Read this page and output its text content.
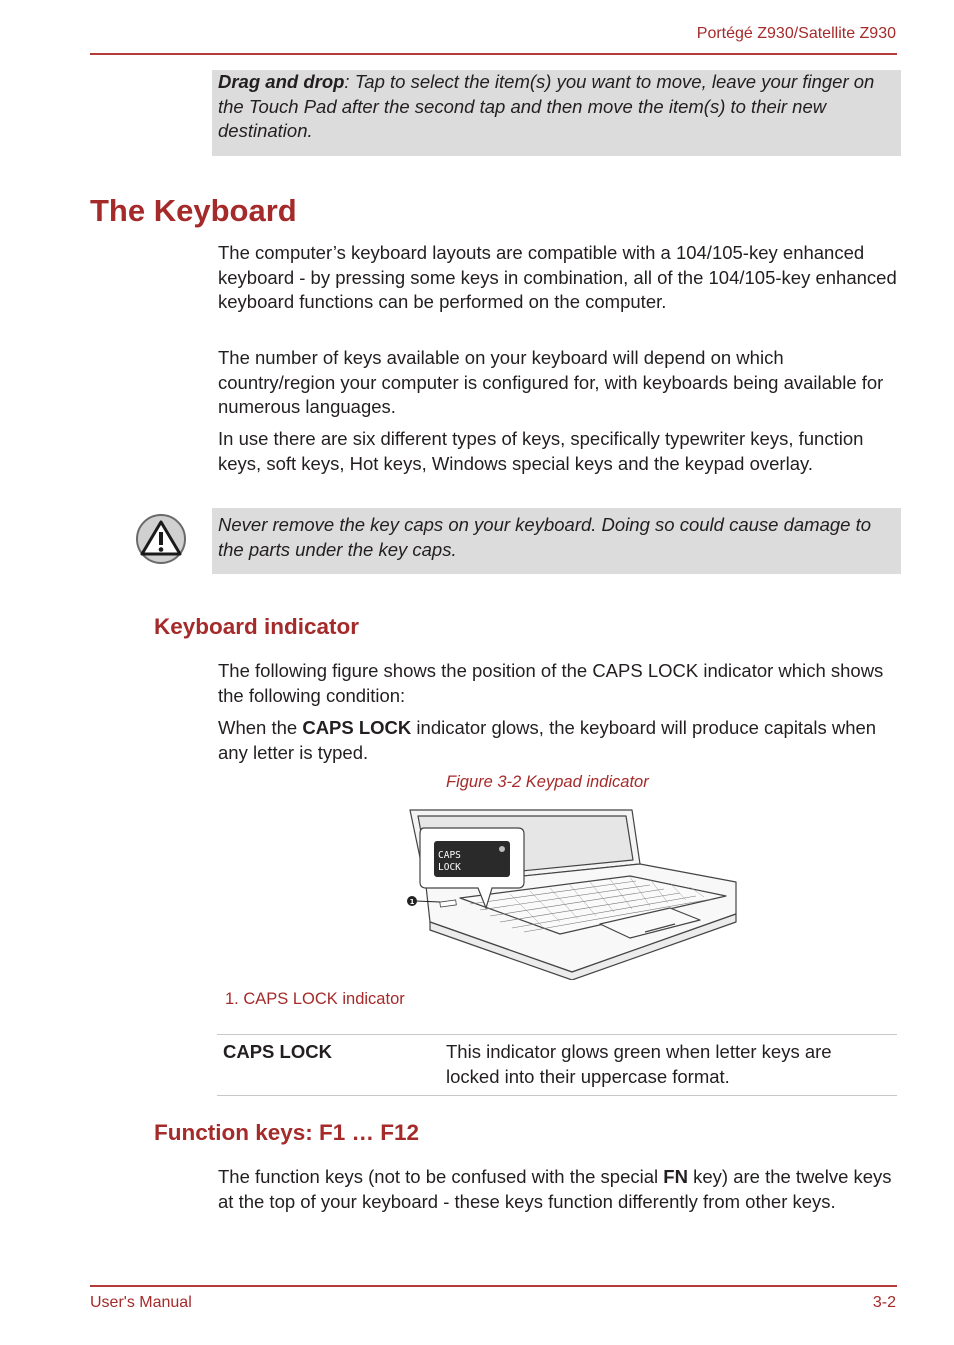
Portégé Z930/Satellite Z930
Drag and drop: Tap to select the item(s) you want to move, leave your finger on the Touch Pad after the second tap and then move the item(s) to their new destination.
The Keyboard

The computer’s keyboard layouts are compatible with a 104/105-key enhanced keyboard - by pressing some keys in combination, all of the 104/105-key enhanced keyboard functions can be performed on the computer.

The number of keys available on your keyboard will depend on which country/region your computer is configured for, with keyboards being available for numerous languages.

In use there are six different types of keys, specifically typewriter keys, function keys, soft keys, Hot keys, Windows special keys and the keypad overlay.

Never remove the key caps on your keyboard. Doing so could cause damage to the parts under the key caps.
Keyboard indicator

The following figure shows the position of the CAPS LOCK indicator which shows the following condition:

When the CAPS LOCK indicator glows, the keyboard will produce capitals when any letter is typed.

Figure 3-2 Keypad indicator
CAPS
LOCK
1
1. CAPS LOCK indicator
CAPS LOCK	This indicator glows green when letter keys are locked into their uppercase format.
Function keys: F1 … F12

The function keys (not to be confused with the special FN key) are the twelve keys at the top of your keyboard - these keys function differently from other keys.

User's Manual	3-2
